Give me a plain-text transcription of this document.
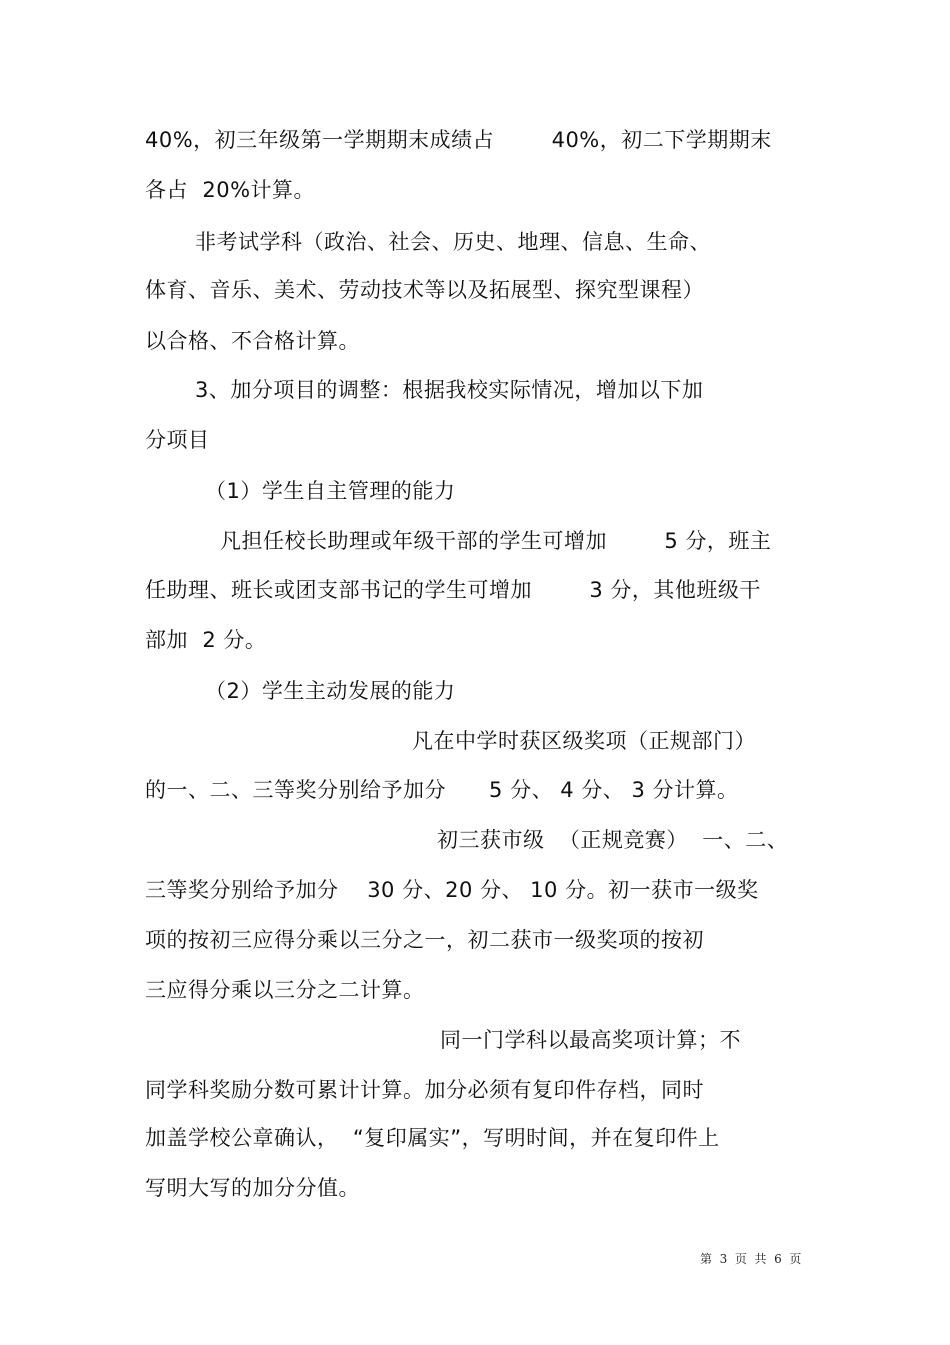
40%，初三年级第一学期期末成绩占        40%，初二下学期期末
各占  20%计算。
非考试学科（政治、社会、历史、地理、信息、生命、
体育、音乐、美术、劳动技术等以及拓展型、探究型课程）
以合格、不合格计算。
3、加分项目的调整：根据我校实际情况，增加以下加
分项目
（1）学生自主管理的能力
凡担任校长助理或年级干部的学生可增加        5 分，班主
任助理、班长或团支部书记的学生可增加        3 分，其他班级干
部加  2 分。
（2）学生主动发展的能力
凡在中学时获区级奖项（正规部门）
的一、二、三等奖分别给予加分      5 分、 4 分、 3 分计算。
初三获市级  （正规竞赛）  一、二、
三等奖分别给予加分    30 分、20 分、 10 分。初一获市一级奖
项的按初三应得分乘以三分之一，初二获市一级奖项的按初
三应得分乘以三分之二计算。
同一门学科以最高奖项计算；不
同学科奖励分数可累计计算。加分必须有复印件存档，同时
加盖学校公章确认，  “复印属实”，写明时间，并在复印件上
写明大写的加分分值。
第  3  页  共  6  页
